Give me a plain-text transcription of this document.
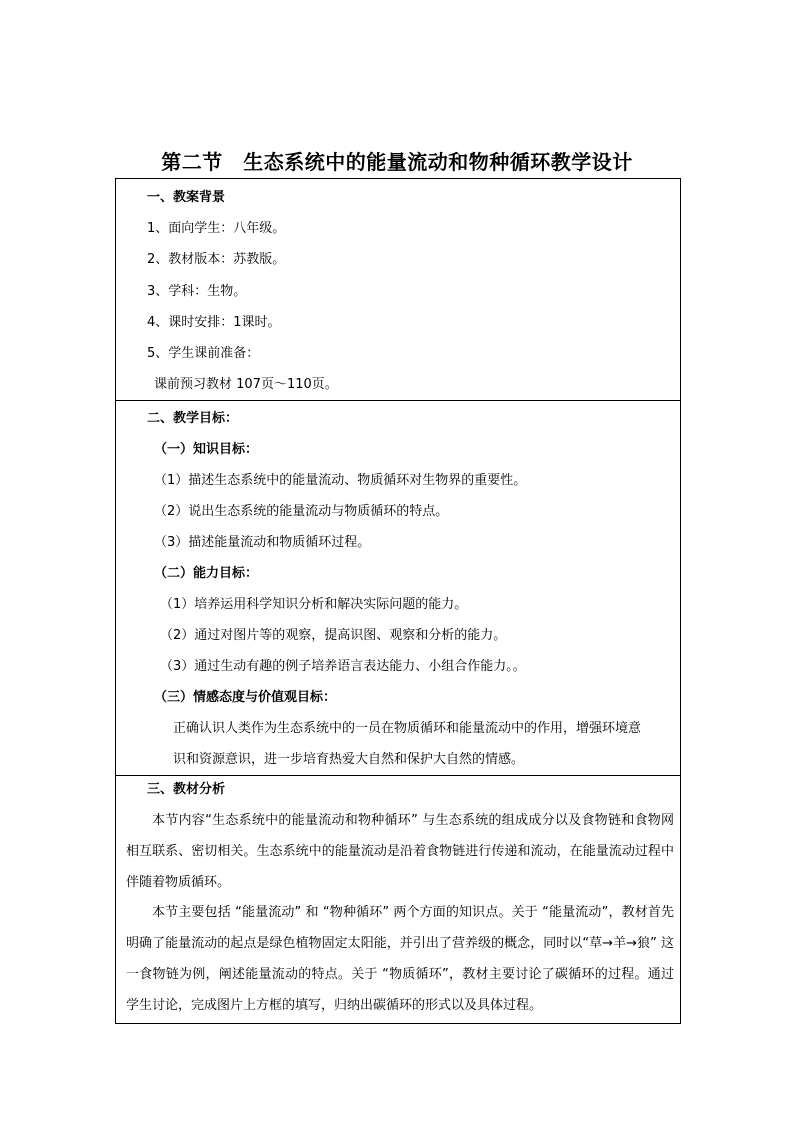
第二节　生态系统中的能量流动和物种循环教学设计
一、教案背景
1、面向学生：八年级。
2、教材版本：苏教版。
3、学科：生物。
4、课时安排：1课时。
5、学生课前准备：
课前预习教材 107页～110页。

二、教学目标：
（一）知识目标：
（1）描述生态系统中的能量流动、物质循环对生物界的重要性。
（2）说出生态系统的能量流动与物质循环的特点。
（3）描述能量流动和物质循环过程。
（二）能力目标：
（1）培养运用科学知识分析和解决实际问题的能力。
（2）通过对图片等的观察，提高识图、观察和分析的能力。
（3）通过生动有趣的例子培养语言表达能力、小组合作能力。。
（三）情感态度与价值观目标：
正确认识人类作为生态系统中的一员在物质循环和能量流动中的作用，增强环境意
识和资源意识，进一步培育热爱大自然和保护大自然的情感。

三、教材分析
本节内容“生态系统中的能量流动和物种循环” 与生态系统的组成成分以及食物链和食物网相互联系、密切相关。生态系统中的能量流动是沿着食物链进行传递和流动，在能量流动过程中伴随着物质循环。
本节主要包括 “能量流动” 和 “物种循环” 两个方面的知识点。关于 “能量流动”，教材首先明确了能量流动的起点是绿色植物固定太阳能，并引出了营养级的概念，同时以“草→羊→狼” 这一食物链为例，阐述能量流动的特点。关于 “物质循环”，教材主要讨论了碳循环的过程。通过学生讨论，完成图片上方框的填写，归纳出碳循环的形式以及具体过程。
